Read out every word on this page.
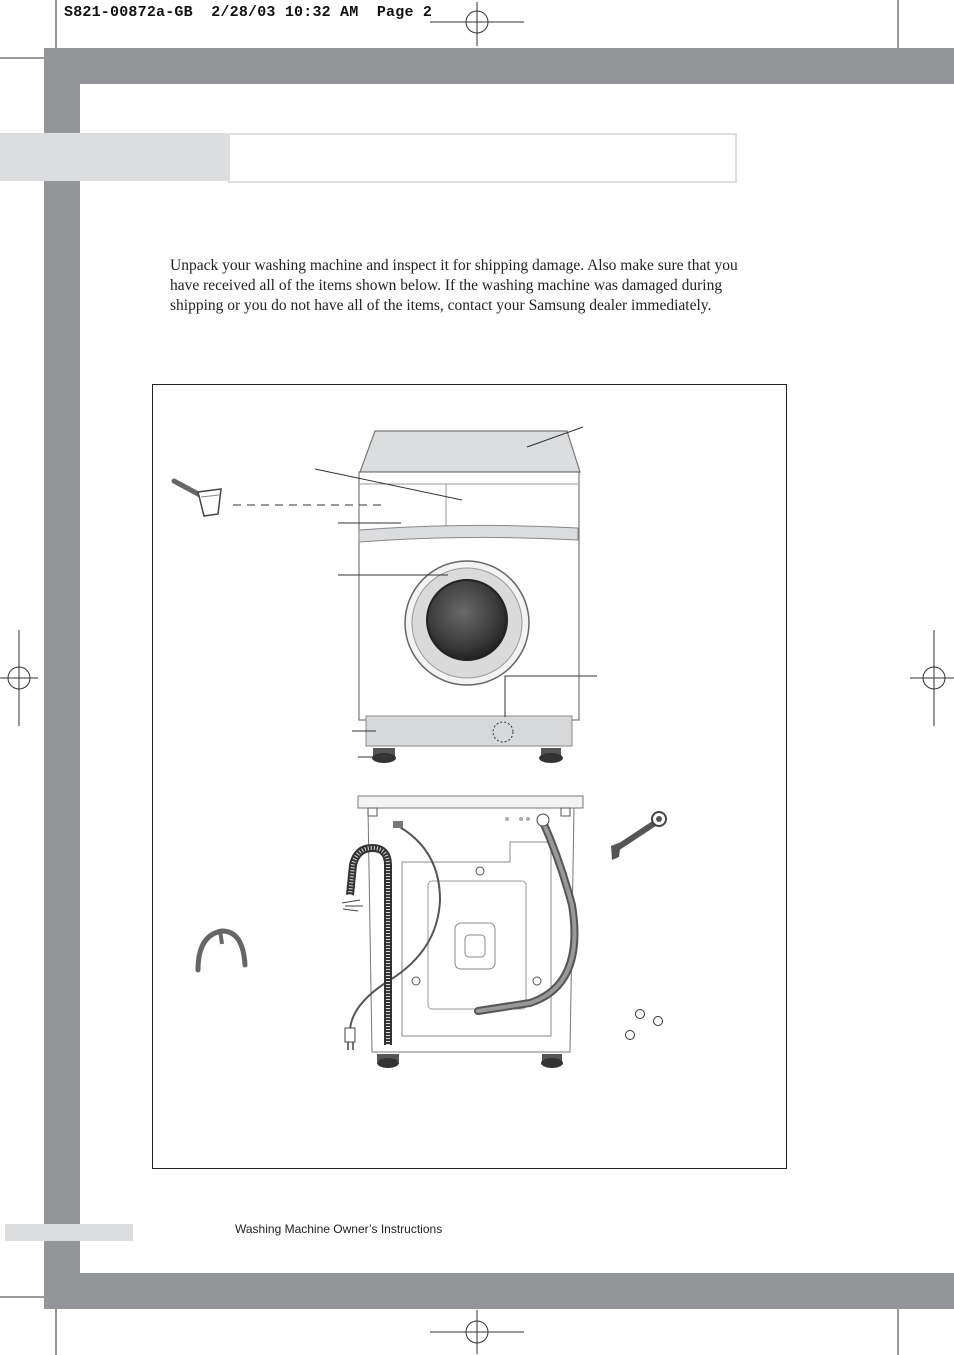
S821-00872a-GB  2/28/03 10:32 AM  Page 2
Unpack your washing machine and inspect it for shipping damage. Also make sure that you have received all of the items shown below. If the washing machine was damaged during shipping or you do not have all of the items, contact your Samsung dealer immediately.
Washing Machine Owner’s Instructions
